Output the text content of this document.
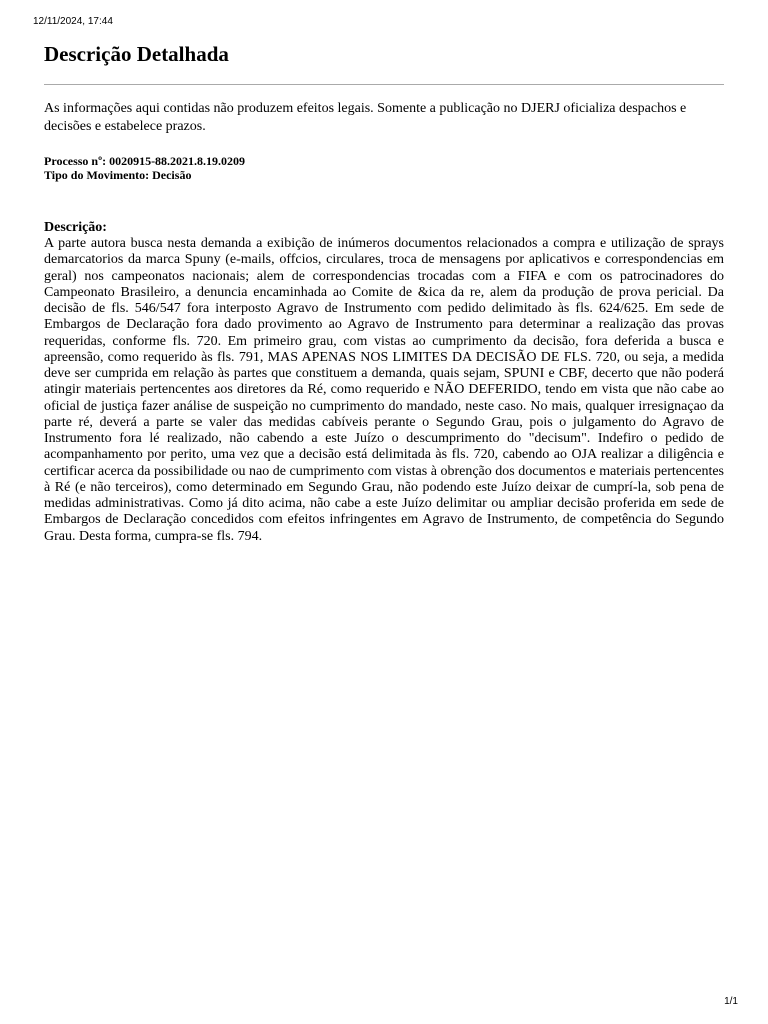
12/11/2024, 17:44
Descrição Detalhada

As informações aqui contidas não produzem efeitos legais. Somente a publicação no DJERJ oficializa despachos e decisões e estabelece prazos.

Processo nº: 0020915-88.2021.8.19.0209
Tipo do Movimento: Decisão
Descrição:

A parte autora busca nesta demanda a exibição de inúmeros documentos relacionados a compra e utilização de sprays demarcatorios da marca Spuny (e-mails, offcios, circulares, troca de mensagens por aplicativos e correspondencias em geral) nos campeonatos nacionais; alem de correspondencias trocadas com a FIFA e com os patrocinadores do Campeonato Brasileiro, a denuncia encaminhada ao Comite de &ica da re, alem da produção de prova pericial. Da decisão de fls. 546/547 fora interposto Agravo de Instrumento com pedido delimitado às fls. 624/625. Em sede de Embargos de Declaração fora dado provimento ao Agravo de Instrumento para determinar a realização das provas requeridas, conforme fls. 720. Em primeiro grau, com vistas ao cumprimento da decisão, fora deferida a busca e apreensão, como requerido às fls. 791, MAS APENAS NOS LIMITES DA DECISÃO DE FLS. 720, ou seja, a medida deve ser cumprida em relação às partes que constituem a demanda, quais sejam, SPUNI e CBF, decerto que não poderá atingir materiais pertencentes aos diretores da Ré, como requerido e NÃO DEFERIDO, tendo em vista que não cabe ao oficial de justiça fazer análise de suspeição no cumprimento do mandado, neste caso. No mais, qualquer irresignaçao da parte ré, deverá a parte se valer das medidas cabíveis perante o Segundo Grau, pois o julgamento do Agravo de Instrumento fora lé realizado, não cabendo a este Juízo o descumprimento do "decisum". Indefiro o pedido de acompanhamento por perito, uma vez que a decisão está delimitada às fls. 720, cabendo ao OJA realizar a diligência e certificar acerca da possibilidade ou nao de cumprimento com vistas à obrenção dos documentos e materiais pertencentes à Ré (e não terceiros), como determinado em Segundo Grau, não podendo este Juízo deixar de cumprí-la, sob pena de medidas administrativas. Como já dito acima, não cabe a este Juízo delimitar ou ampliar decisão proferida em sede de Embargos de Declaração concedidos com efeitos infringentes em Agravo de Instrumento, de competência do Segundo Grau. Desta forma, cumpra-se fls. 794.

1/1
